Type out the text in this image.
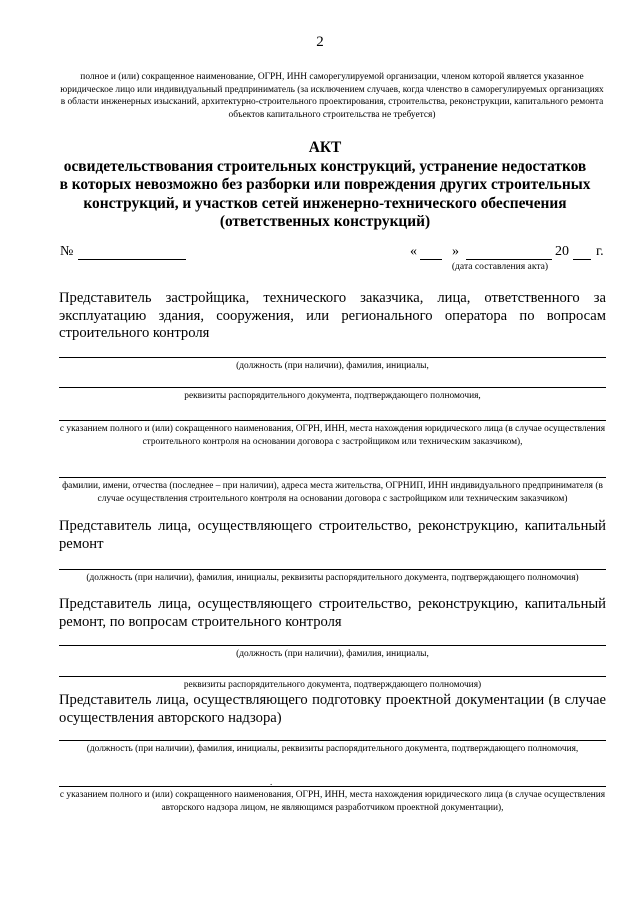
2
полное и (или) сокращенное наименование, ОГРН, ИНН саморегулируемой организации, членом которой является указанное юридическое лицо или индивидуальный предприниматель (за исключением случаев, когда членство в саморегулируемых организациях в области инженерных изысканий, архитектурно-строительного проектирования, строительства, реконструкции, капитального ремонта объектов капитального строительства не требуется)
АКТ
освидетельствования строительных конструкций, устранение недостатков
в которых невозможно без разборки или повреждения других строительных
конструкций, и участков сетей инженерно-технического обеспечения
(ответственных конструкций)
№	«	»	20 г.
(дата составления акта)
Представитель застройщика, технического заказчика, лица, ответственного за эксплуатацию здания, сооружения, или регионального оператора по вопросам строительного контроля
(должность (при наличии), фамилия, инициалы,
реквизиты распорядительного документа, подтверждающего полномочия,
с указанием полного и (или) сокращенного наименования, ОГРН, ИНН, места нахождения юридического лица (в случае осуществления строительного контроля на основании договора с застройщиком или техническим заказчиком),
фамилии, имени, отчества (последнее – при наличии), адреса места жительства, ОГРНИП, ИНН индивидуального предпринимателя (в случае осуществления строительного контроля на основании договора с застройщиком или техническим заказчиком)
Представитель лица, осуществляющего строительство, реконструкцию, капитальный ремонт
(должность (при наличии), фамилия, инициалы, реквизиты распорядительного документа, подтверждающего полномочия)
Представитель лица, осуществляющего строительство, реконструкцию, капитальный ремонт, по вопросам строительного контроля
(должность (при наличии), фамилия, инициалы,
реквизиты распорядительного документа, подтверждающего полномочия)
Представитель лица, осуществляющего подготовку проектной документации (в случае осуществления авторского надзора)
(должность (при наличии), фамилия, инициалы, реквизиты распорядительного документа, подтверждающего полномочия,
.
с указанием полного и (или) сокращенного наименования, ОГРН, ИНН, места нахождения юридического лица (в случае осуществления авторского надзора лицом, не являющимся разработчиком проектной документации),
